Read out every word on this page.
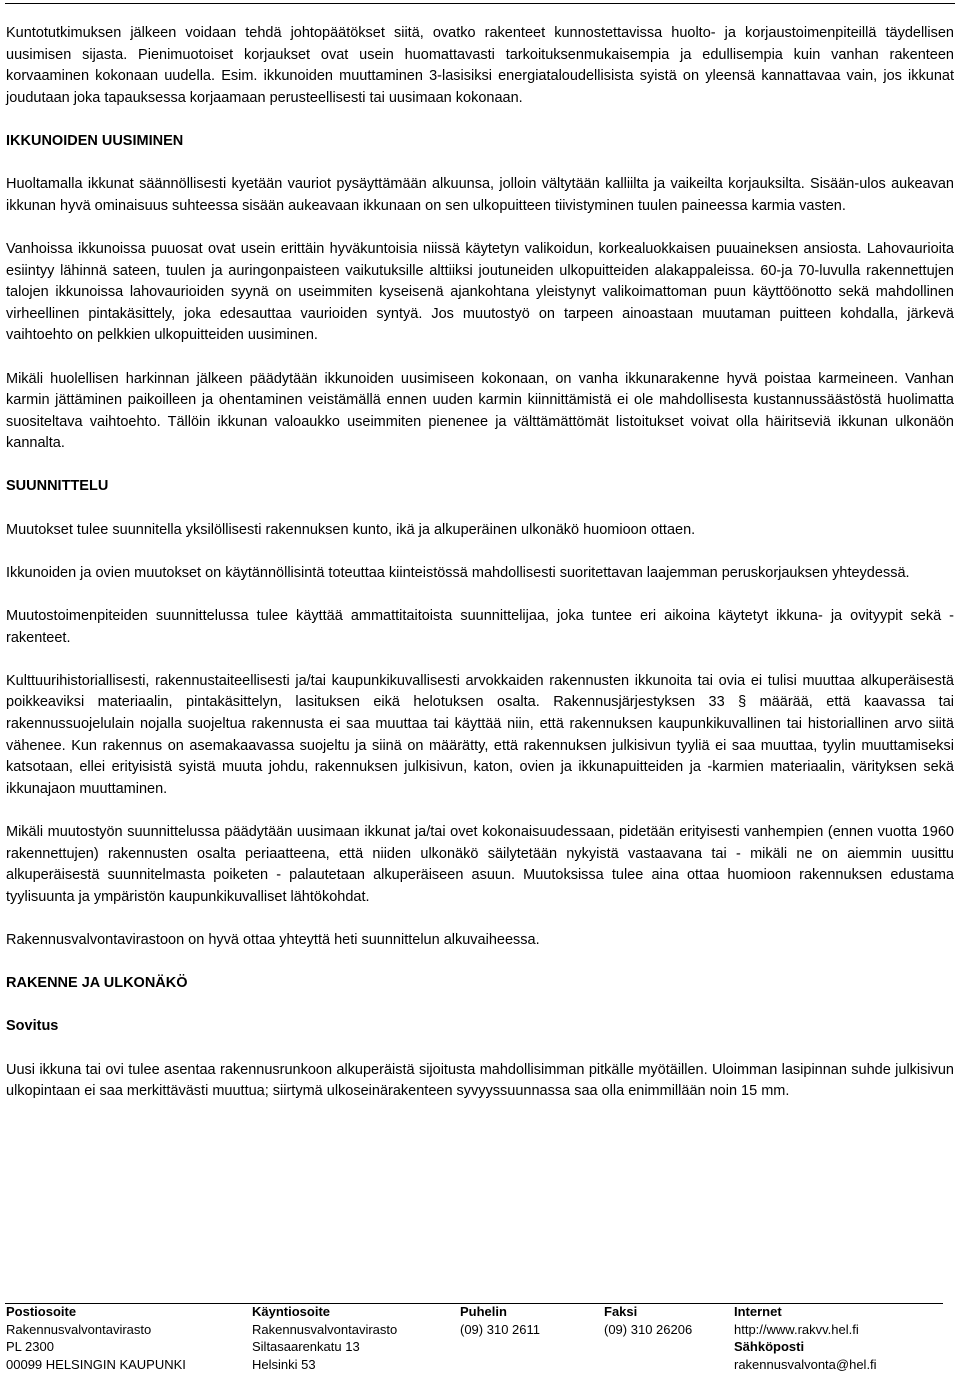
Kuntotutkimuksen jälkeen voidaan tehdä johtopäätökset siitä, ovatko rakenteet kunnostettavissa huolto- ja korjaustoimenpiteillä täydellisen uusimisen sijasta. Pienimuotoiset korjaukset ovat usein huomattavasti tarkoituksenmukaisempia ja edullisempia kuin vanhan rakenteen korvaaminen kokonaan uudella. Esim. ikkunoiden muuttaminen 3-lasisiksi energiataloudellisista syistä on yleensä kannattavaa vain, jos ikkunat joudutaan joka tapauksessa korjaamaan perusteellisesti tai uusimaan kokonaan.

IKKUNOIDEN UUSIMINEN

Huoltamalla ikkunat säännöllisesti kyetään vauriot pysäyttämään alkuunsa, jolloin vältytään kalliilta ja vaikeilta korjauksilta. Sisään-ulos aukeavan ikkunan hyvä ominaisuus suhteessa sisään aukeavaan ikkunaan on sen ulkopuitteen tiivistyminen tuulen paineessa karmia vasten.

Vanhoissa ikkunoissa puuosat ovat usein erittäin hyväkuntoisia niissä käytetyn valikoidun, korkealuokkaisen puuaineksen ansiosta. Lahovaurioita esiintyy lähinnä sateen, tuulen ja auringonpaisteen vaikutuksille alttiiksi joutuneiden ulkopuitteiden alakappaleissa. 60-ja 70-luvulla rakennettujen talojen ikkunoissa lahovaurioiden syynä on useimmiten kyseisenä ajankohtana yleistynyt valikoimattoman puun käyttöönotto sekä mahdollinen virheellinen pintakäsittely, joka edesauttaa vaurioiden syntyä. Jos muutostyö on tarpeen ainoastaan muutaman puitteen kohdalla, järkevä vaihtoehto on pelkkien ulkopuitteiden uusiminen.

Mikäli huolellisen harkinnan jälkeen päädytään ikkunoiden uusimiseen kokonaan, on vanha ikkunarakenne hyvä poistaa karmeineen. Vanhan karmin jättäminen paikoilleen ja ohentaminen veistämällä ennen uuden karmin kiinnittämistä ei ole mahdollisesta kustannussäästöstä huolimatta suositeltava vaihtoehto. Tällöin ikkunan valoaukko useimmiten pienenee ja välttämättömät listoitukset voivat olla häiritseviä ikkunan ulkonäön kannalta.

SUUNNITTELU

Muutokset tulee suunnitella yksilöllisesti rakennuksen kunto, ikä ja alkuperäinen ulkonäkö huomioon ottaen.

Ikkunoiden ja ovien muutokset on käytännöllisintä toteuttaa kiinteistössä mahdollisesti suoritettavan laajemman peruskorjauksen yhteydessä.

Muutostoimenpiteiden suunnittelussa tulee käyttää ammattitaitoista suunnittelijaa, joka tuntee eri aikoina käytetyt ikkuna- ja ovityypit sekä -rakenteet.

Kulttuurihistoriallisesti, rakennustaiteellisesti ja/tai kaupunkikuvallisesti arvokkaiden rakennusten ikkunoita tai ovia ei tulisi muuttaa alkuperäisestä poikkeaviksi materiaalin, pintakäsittelyn, lasituksen eikä helotuksen osalta. Rakennusjärjestyksen 33 § määrää, että kaavassa tai rakennussuojelulain nojalla suojeltua rakennusta ei saa muuttaa tai käyttää niin, että rakennuksen kaupunkikuvallinen tai historiallinen arvo siitä vähenee. Kun rakennus on asemakaavassa suojeltu ja siinä on määrätty, että rakennuksen julkisivun tyyliä ei saa muuttaa, tyylin muuttamiseksi katsotaan, ellei erityisistä syistä muuta johdu, rakennuksen julkisivun, katon, ovien ja ikkunapuitteiden ja -karmien materiaalin, värityksen sekä ikkunajaon muuttaminen.

Mikäli muutostyön suunnittelussa päädytään uusimaan ikkunat ja/tai ovet kokonaisuudessaan, pidetään erityisesti vanhempien (ennen vuotta 1960 rakennettujen) rakennusten osalta periaatteena, että niiden ulkonäkö säilytetään nykyistä vastaavana tai - mikäli ne on aiemmin uusittu alkuperäisestä suunnitelmasta poiketen - palautetaan alkuperäiseen asuun. Muutoksissa tulee aina ottaa huomioon rakennuksen edustama tyylisuunta ja ympäristön kaupunkikuvalliset lähtökohdat.

Rakennusvalvontavirastoon on hyvä ottaa yhteyttä heti suunnittelun alkuvaiheessa.

RAKENNE JA ULKONÄKÖ
Sovitus

Uusi ikkuna tai ovi tulee asentaa rakennusrunkoon alkuperäistä sijoitusta mahdollisimman pitkälle myötäillen. Uloimman lasipinnan suhde julkisivun ulkopintaan ei saa merkittävästi muuttua; siirtymä ulkoseinärakenteen syvyyssuunnassa saa olla enimmillään noin 15 mm.

Postiosoite
Rakennusvalvontavirasto
PL 2300
00099 HELSINGIN KAUPUNKI
Käyntiosoite
Rakennusvalvontavirasto
Siltasaarenkatu 13
Helsinki 53
Puhelin
(09) 310 2611
Faksi
(09) 310 26206
Internet
http://www.rakvv.hel.fi
Sähköposti
rakennusvalvonta@hel.fi
